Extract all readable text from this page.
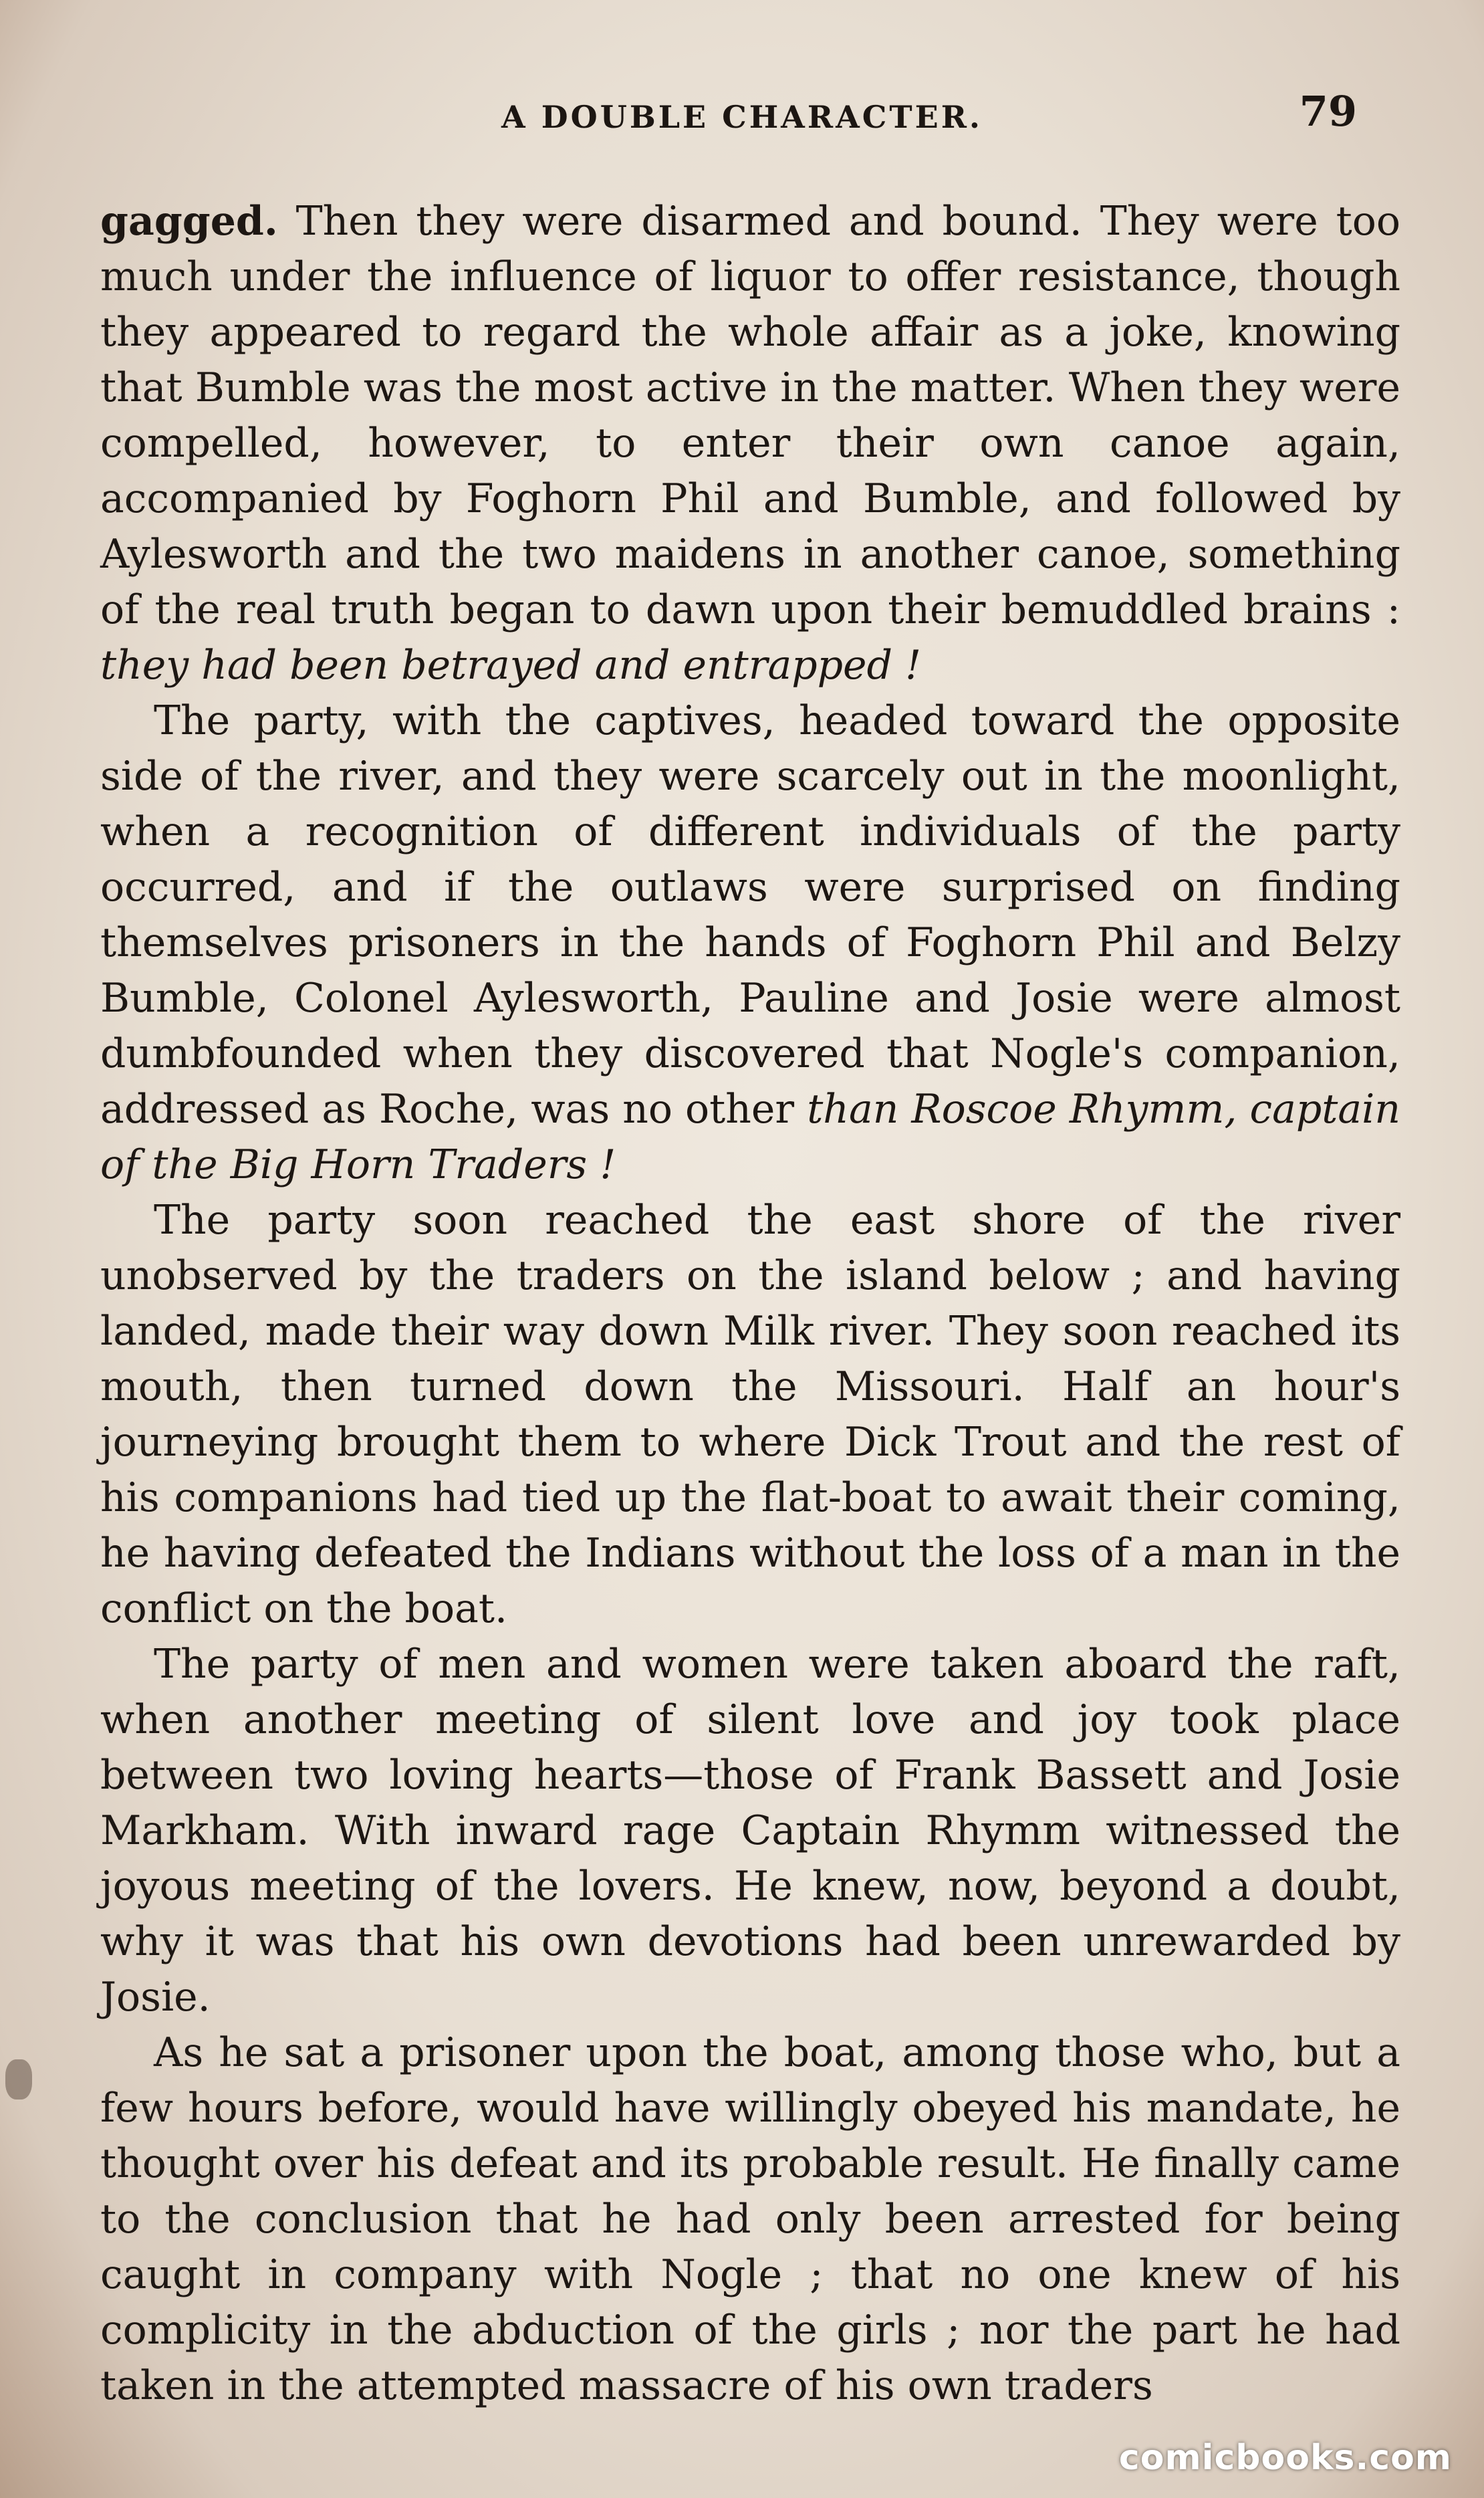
A DOUBLE CHARACTER.	79

gagged. Then they were disarmed and bound. They were too much under the influence of liquor to offer resistance, though they appeared to regard the whole affair as a joke, knowing that Bumble was the most active in the matter. When they were compelled, however, to enter their own canoe again, accompanied by Foghorn Phil and Bumble, and followed by Aylesworth and the two maidens in another canoe, something of the real truth began to dawn upon their bemuddled brains : they had been betrayed and entrapped !

The party, with the captives, headed toward the opposite side of the river, and they were scarcely out in the moonlight, when a recognition of different individuals of the party occurred, and if the outlaws were surprised on finding themselves prisoners in the hands of Foghorn Phil and Belzy Bumble, Colonel Aylesworth, Pauline and Josie were almost dumbfounded when they discovered that Nogle's companion, addressed as Roche, was no other than Roscoe Rhymm, captain of the Big Horn Traders !

The party soon reached the east shore of the river unobserved by the traders on the island below ; and having landed, made their way down Milk river. They soon reached its mouth, then turned down the Missouri. Half an hour's journeying brought them to where Dick Trout and the rest of his companions had tied up the flat-boat to await their coming, he having defeated the Indians without the loss of a man in the conflict on the boat.

The party of men and women were taken aboard the raft, when another meeting of silent love and joy took place between two loving hearts—those of Frank Bassett and Josie Markham. With inward rage Captain Rhymm witnessed the joyous meeting of the lovers. He knew, now, beyond a doubt, why it was that his own devotions had been unrewarded by Josie.

As he sat a prisoner upon the boat, among those who, but a few hours before, would have willingly obeyed his mandate, he thought over his defeat and its probable result. He finally came to the conclusion that he had only been arrested for being caught in company with Nogle ; that no one knew of his complicity in the abduction of the girls ; nor the part he had taken in the attempted massacre of his own traders

comicbooks.com
